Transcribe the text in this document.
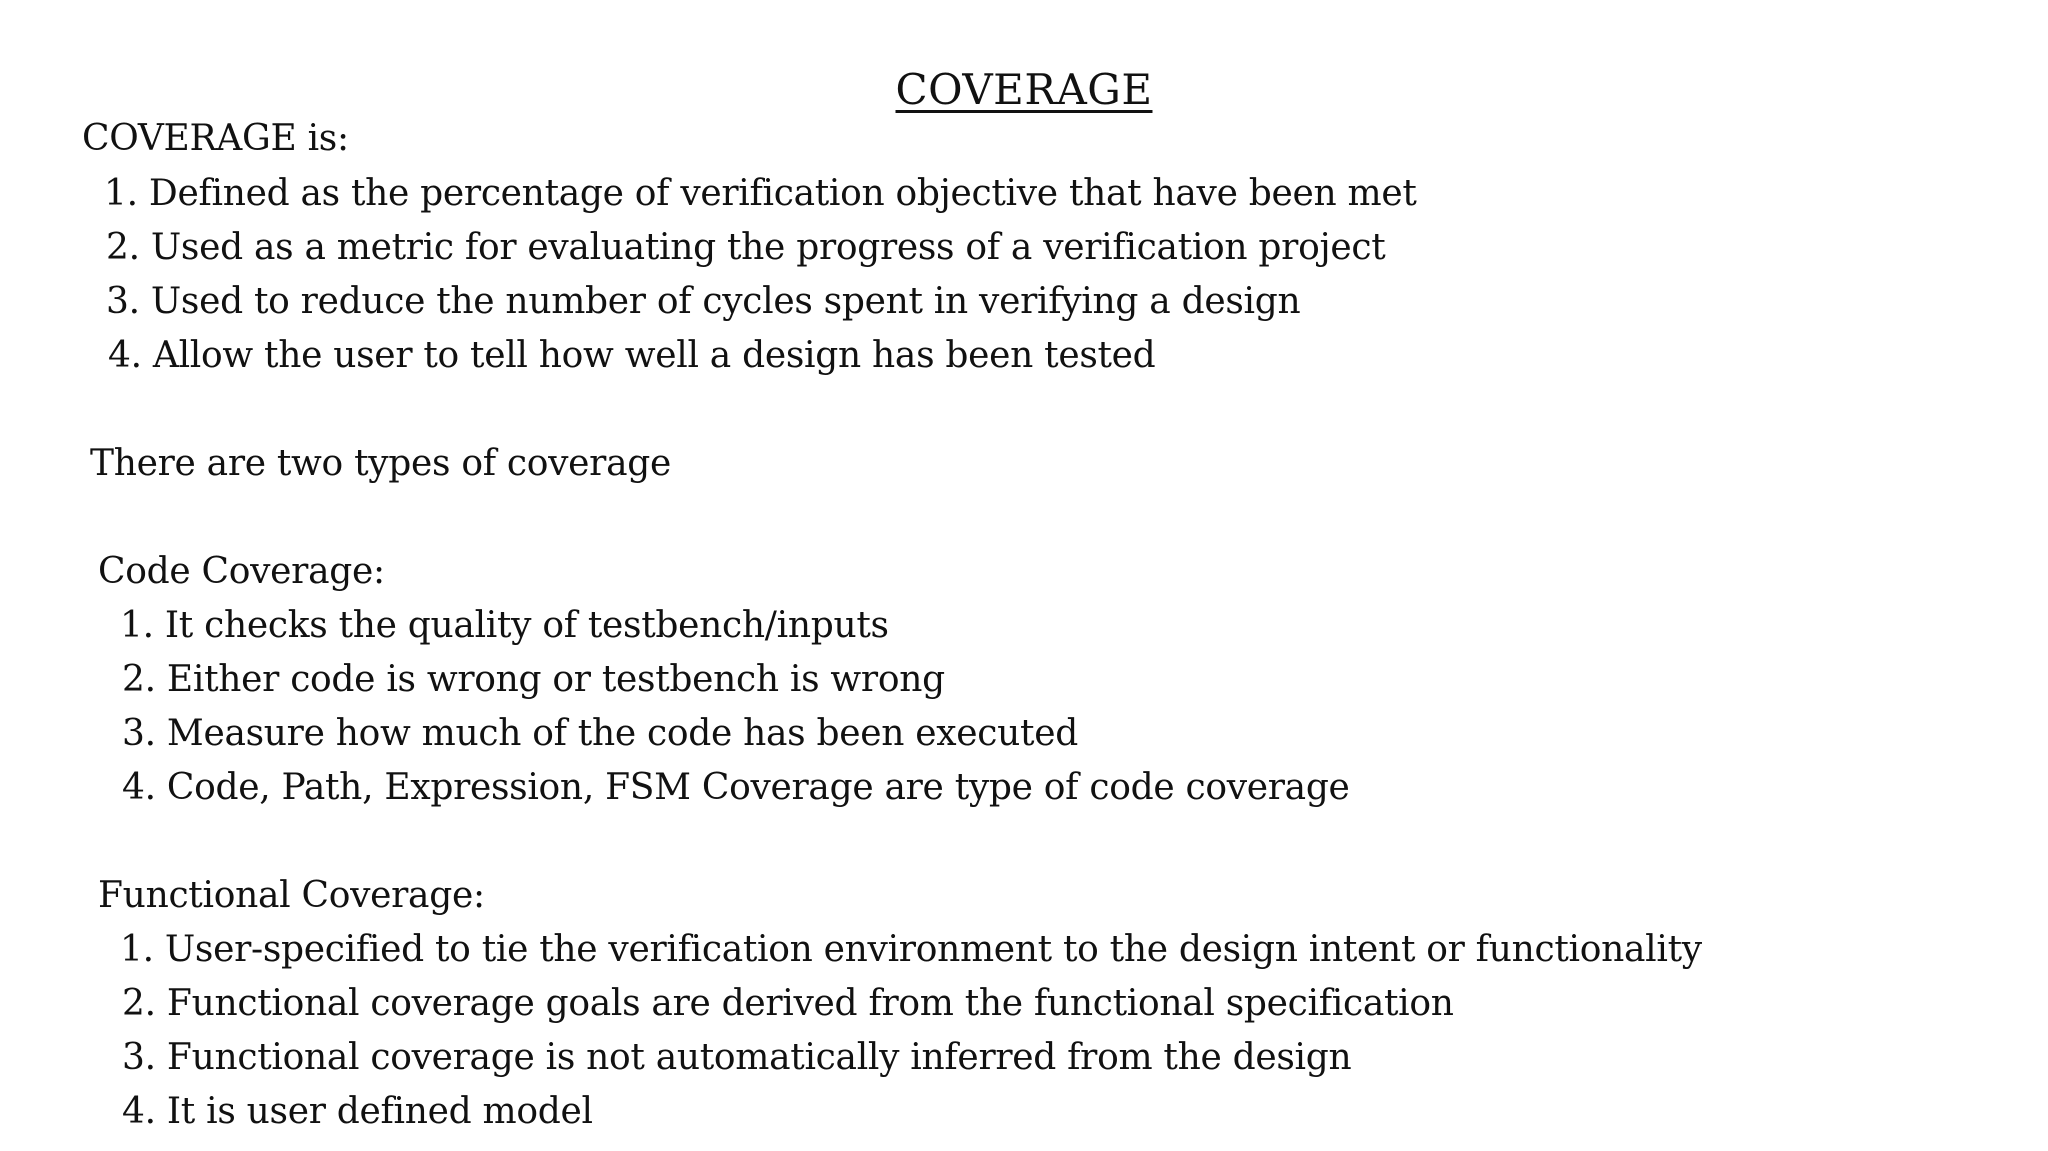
COVERAGE
COVERAGE is:
1. Defined as the percentage of verification objective that have been met
2. Used as a metric for evaluating the progress of a verification project
3. Used to reduce the number of cycles spent in verifying a design
4. Allow the user to tell how well a design has been tested
There are two types of coverage
Code Coverage:
1. It checks the quality of testbench/inputs
2. Either code is wrong or testbench is wrong
3. Measure how much of the code has been executed
4. Code, Path, Expression, FSM Coverage are type of code coverage
Functional Coverage:
1. User-specified to tie the verification environment to the design intent or functionality
2. Functional coverage goals are derived from the functional specification
3. Functional coverage is not automatically inferred from the design
4. It is user defined model
